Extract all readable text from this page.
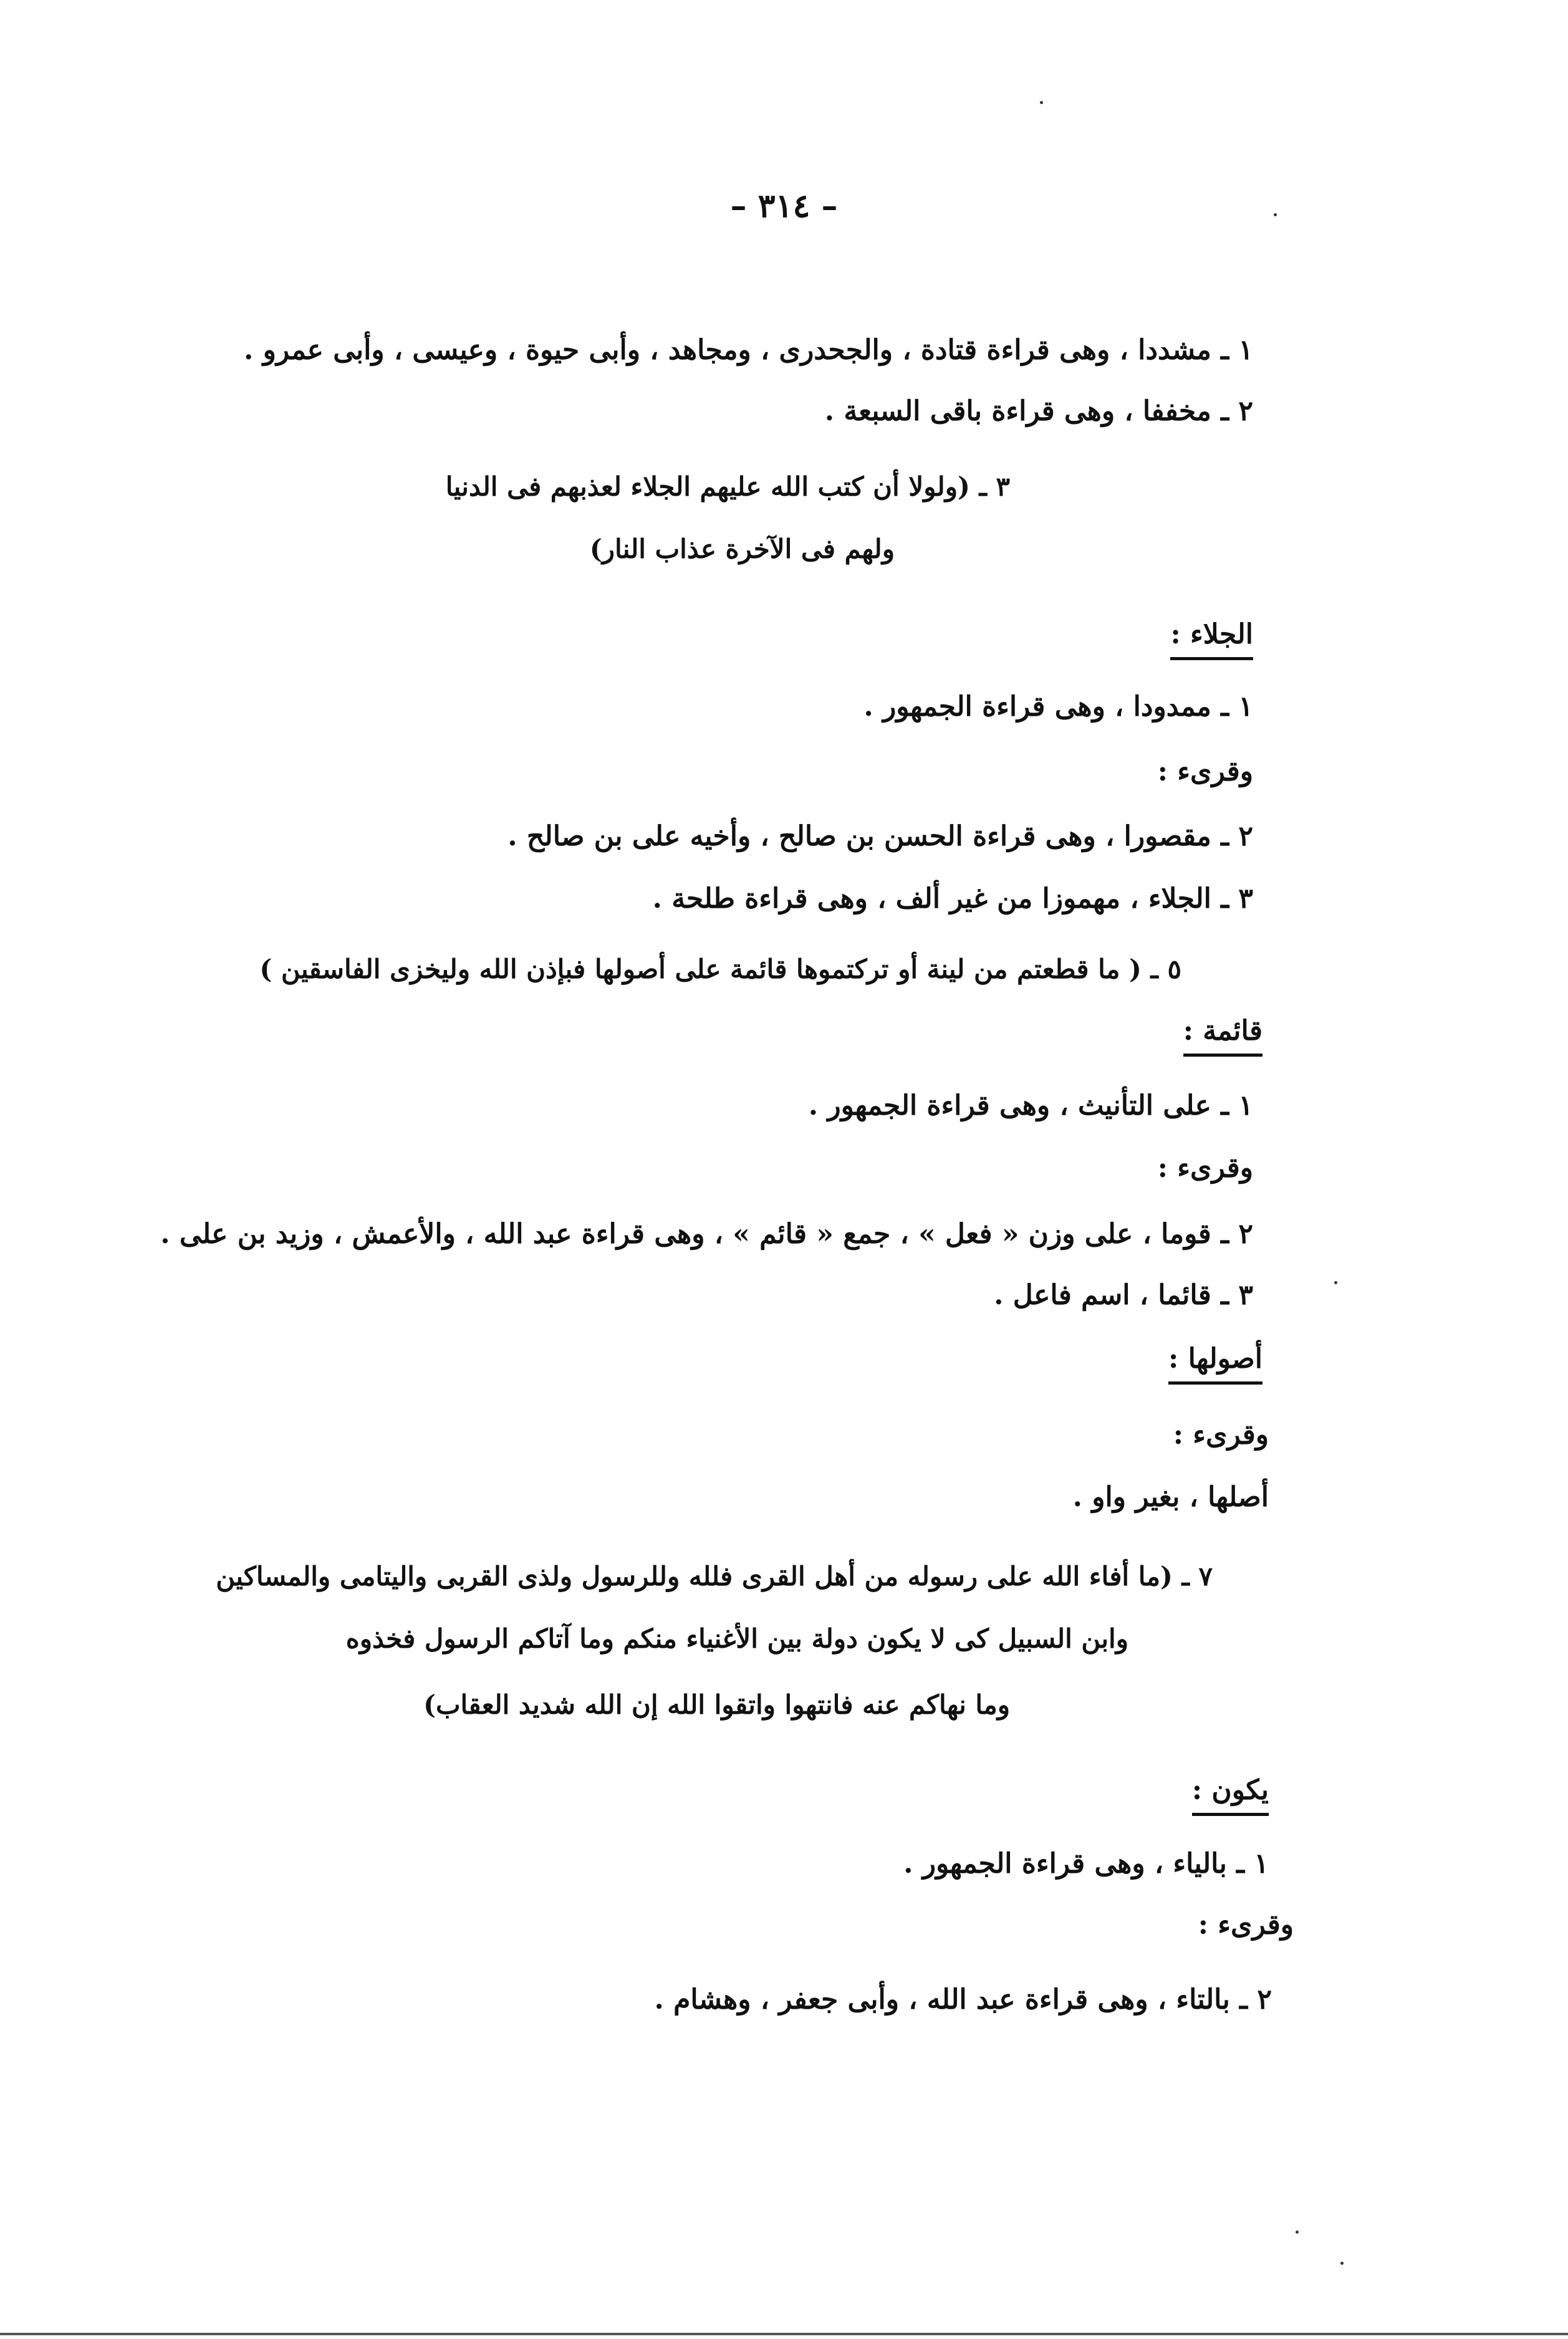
– ٣١٤ –
١ ـ مشددا ، وهى قراءة قتادة ، والجحدرى ، ومجاهد ، وأبى حيوة ، وعيسى ، وأبى عمرو .
٢ ـ مخففا ، وهى قراءة باقى السبعة .
٣ ـ (ولولا أن كتب الله عليهم الجلاء لعذبهم فى الدنيا
ولهم فى الآخرة عذاب النار)
الجلاء :
١ ـ ممدودا ، وهى قراءة الجمهور .
وقرىء :
٢ ـ مقصورا ، وهى قراءة الحسن بن صالح ، وأخيه على بن صالح .
٣ ـ الجلاء ، مهموزا من غير ألف ، وهى قراءة طلحة .
٥ ـ ( ما قطعتم من لينة أو تركتموها قائمة على أصولها فبإذن الله وليخزى الفاسقين )
قائمة :
١ ـ على التأنيث ، وهى قراءة الجمهور .
وقرىء :
٢ ـ قوما ، على وزن « فعل » ، جمع « قائم » ، وهى قراءة عبد الله ، والأعمش ، وزيد بن على .
٣ ـ قائما ، اسم فاعل .
أصولها :
وقرىء :
أصلها ، بغير واو .
٧ ـ (ما أفاء الله على رسوله من أهل القرى فلله وللرسول ولذى القربى واليتامى والمساكين
وابن السبيل كى لا يكون دولة بين الأغنياء منكم وما آتاكم الرسول فخذوه
وما نهاكم عنه فانتهوا واتقوا الله إن الله شديد العقاب)
يكون :
١ ـ بالياء ، وهى قراءة الجمهور .
وقرىء :
٢ ـ بالتاء ، وهى قراءة عبد الله ، وأبى جعفر ، وهشام .
